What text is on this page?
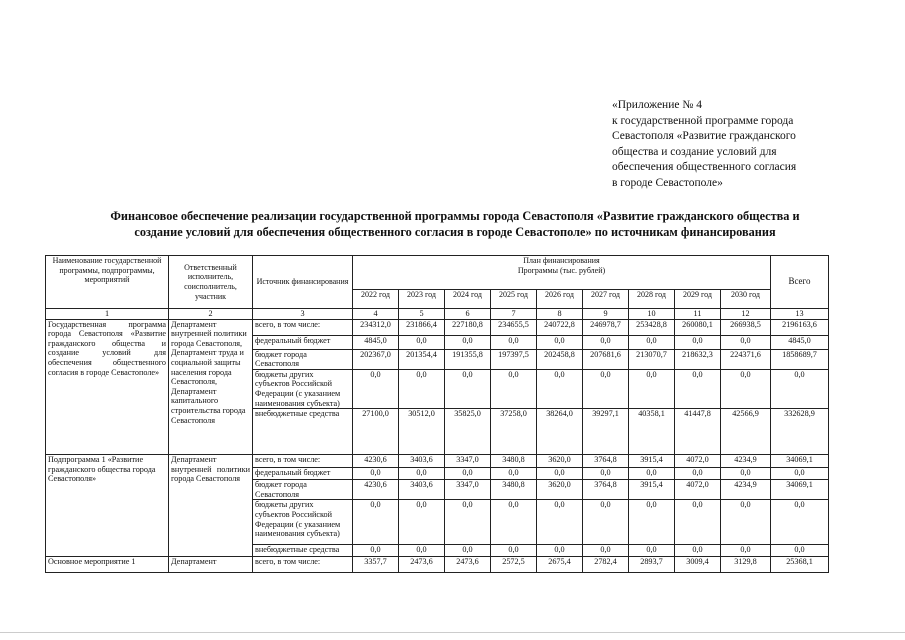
«Приложение № 4
к государственной программе города
Севастополя «Развитие гражданского
общества и создание условий для
обеспечения общественного согласия
в городе Севастополе»
Финансовое обеспечение реализации государственной программы города Севастополя «Развитие гражданского общества и
создание условий для обеспечения общественного согласия в городе Севастополе» по источникам финансирования
Наименование государственной программы, подпрограммы, мероприятий	Ответственный исполнитель, соисполнитель, участник	Источник финансирования	План финансирования Программы (тыс. рублей)									Всего
			2022 год	2023 год	2024 год	2025 год	2026 год	2027 год	2028 год	2029 год	2030 год	
1	2	3	4	5	6	7	8	9	10	11	12	13
Государственная программа города Севастополя «Развитие гражданского общества и создание условий для обеспечения общественного согласия в городе Севастополе»	Департамент внутренней политики города Севастополя, Департамент труда и социальной защиты населения города Севастополя, Департамент капитального строительства города Севастополя	всего, в том числе:	234312,0	231866,4	227180,8	234655,5	240722,8	246978,7	253428,8	260080,1	266938,5	2196163,6
		федеральный бюджет	4845,0	0,0	0,0	0,0	0,0	0,0	0,0	0,0	0,0	4845,0
		бюджет города Севастополя	202367,0	201354,4	191355,8	197397,5	202458,8	207681,6	213070,7	218632,3	224371,6	1858689,7
		бюджеты других субъектов Российской Федерации (с указанием наименования субъекта)	0,0	0,0	0,0	0,0	0,0	0,0	0,0	0,0	0,0	0,0
		внебюджетные средства	27100,0	30512,0	35825,0	37258,0	38264,0	39297,1	40358,1	41447,8	42566,9	332628,9
Подпрограмма 1 «Развитие гражданского общества города Севастополя»	Департамент внутренней политики города Севастополя	всего, в том числе:	4230,6	3403,6	3347,0	3480,8	3620,0	3764,8	3915,4	4072,0	4234,9	34069,1
		федеральный бюджет	0,0	0,0	0,0	0,0	0,0	0,0	0,0	0,0	0,0	0,0
		бюджет города Севастополя	4230,6	3403,6	3347,0	3480,8	3620,0	3764,8	3915,4	4072,0	4234,9	34069,1
		бюджеты других субъектов Российской Федерации (с указанием наименования субъекта)	0,0	0,0	0,0	0,0	0,0	0,0	0,0	0,0	0,0	0,0
		внебюджетные средства	0,0	0,0	0,0	0,0	0,0	0,0	0,0	0,0	0,0	0,0
Основное мероприятие 1	Департамент	всего, в том числе:	3357,7	2473,6	2473,6	2572,5	2675,4	2782,4	2893,7	3009,4	3129,8	25368,1
